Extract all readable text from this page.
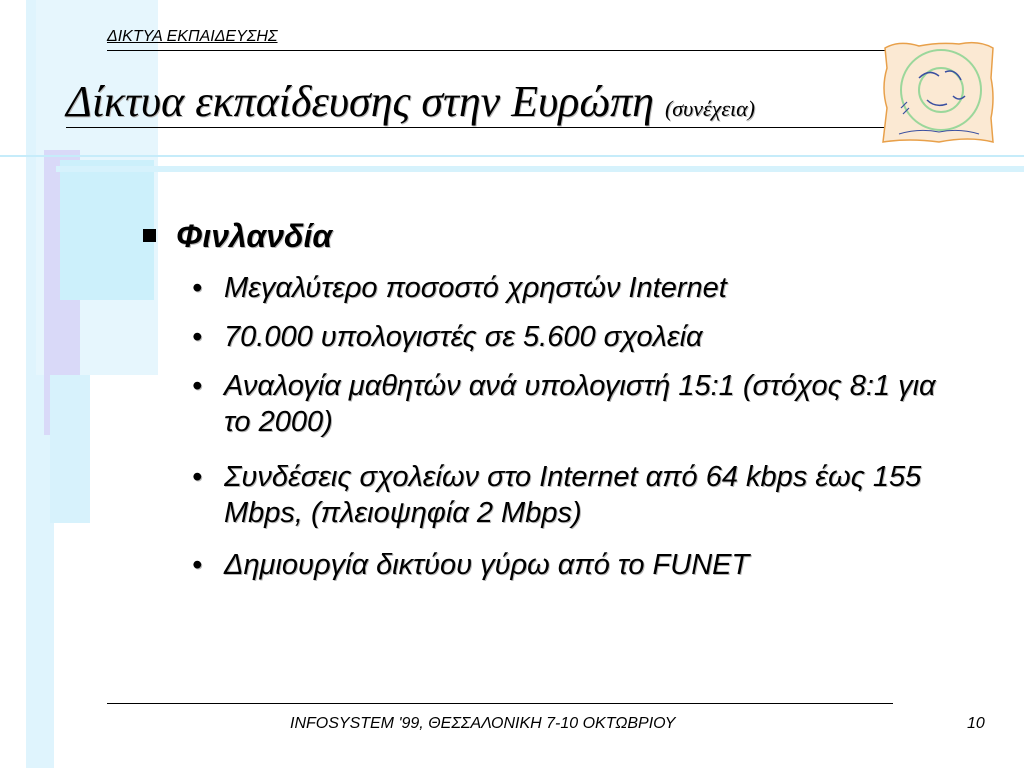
ΔΙΚΤΥΑ ΕΚΠΑΙΔΕΥΣΗΣ
Δίκτυα εκπαίδευσης στην Ευρώπη (συνέχεια)
Φινλανδία
• Μεγαλύτερο ποσοστό χρηστών Internet
• 70.000 υπολογιστές σε 5.600 σχολεία
• Αναλογία μαθητών ανά υπολογιστή 15:1 (στόχος 8:1 για το 2000)
• Συνδέσεις σχολείων στο Internet από 64 kbps έως 155 Mbps, (πλειοψηφία 2 Mbps)
• Δημιουργία δικτύου γύρω από το FUNET
INFOSYSTEM '99, ΘΕΣΣΑΛΟΝΙΚΗ 7-10 ΟΚΤΩΒΡΙΟΥ	10
